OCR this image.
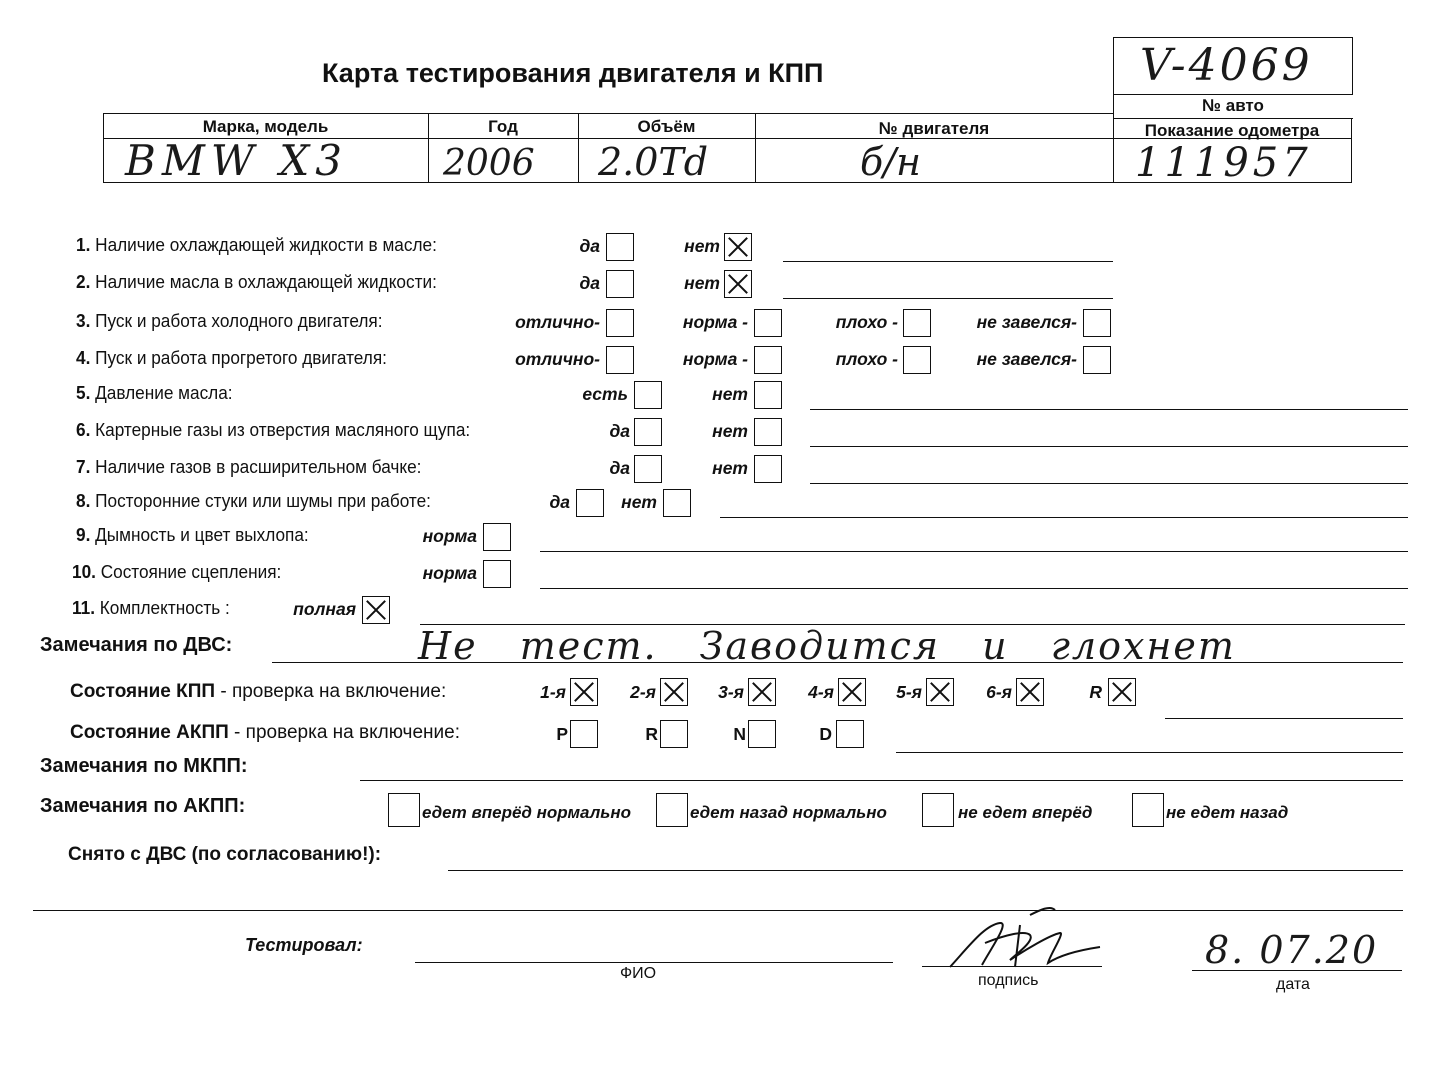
Карта тестирования двигателя и КПП	V-4069
№ авто
Марка, модель	Год	Объём	№ двигателя	Показание одометра
BMW X3	2006 2.0Td	б/н	111957
1. Наличие охлаждающей жидкости в масле:	да	нет
2. Наличие масла в охлаждающей жидкости:	да	нет
3. Пуск и работа холодного двигателя:	отлично-	норма -	плохо -	не завелся-
4. Пуск и работа прогретого двигателя:	отлично-	норма -	плохо -	не завелся-
5. Давление масла:	есть	нет
6. Картерные газы из отверстия масляного щупа:	да	нет
7. Наличие газов в расширительном бачке:	да	нет
8. Посторонние стуки или шумы при работе:	да	нет
9. Дымность и цвет выхлопа:	норма
10. Состояние сцепления:	норма
11. Комплектность :	полная
Замечания по ДВС:	Не тест. Заводится и глохнет
Состояние КПП - проверка на включение:	1-я	2-я	3-я	4-я	5-я	6-я	R
Состояние АКПП - проверка на включение:	P	R	N	D
Замечания по МКПП:
Замечания по АКПП:	едет вперёд нормально	едет назад нормально	не едет вперёд	не едет назад
Снято с ДВС (по согласованию!):
Тестировал:
ФИО	подпись
8. 07.20
дата
